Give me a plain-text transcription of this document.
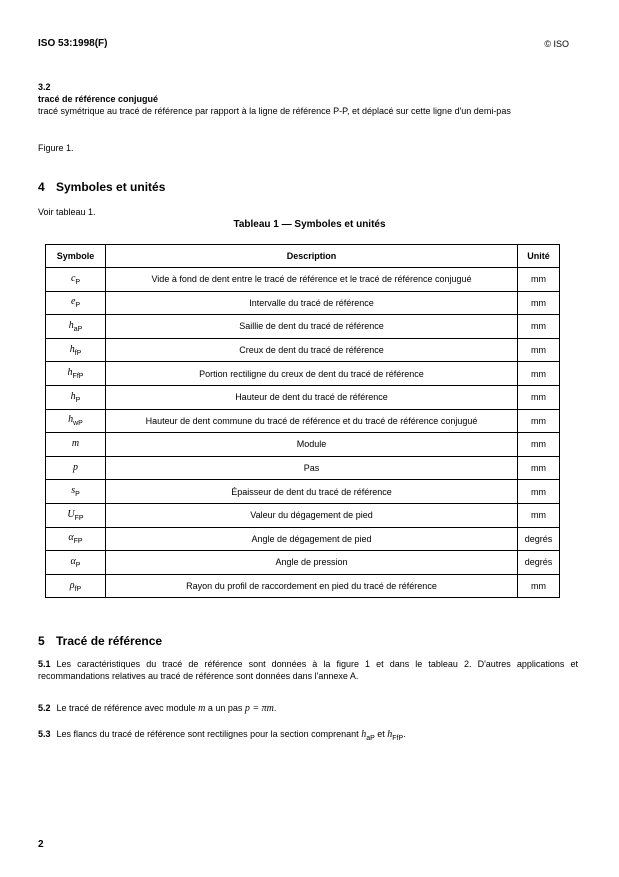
ISO 53:1998(F)	© ISO
3.2
tracé de référence conjugué
tracé symétrique au tracé de référence par rapport à la ligne de référence P-P, et déplacé sur cette ligne d'un demi-pas
Figure 1.
4 Symboles et unités
Voir tableau 1.
Tableau 1 — Symboles et unités
Symbole	Description	Unité
$c_P$	Vide à fond de dent entre le tracé de référence et le tracé de référence conjugué	mm
$e_P$	Intervalle du tracé de référence	mm
$h_{aP}$	Saillie de dent du tracé de référence	mm
$h_{fP}$	Creux de dent du tracé de référence	mm
$h_{FfP}$	Portion rectiligne du creux de dent du tracé de référence	mm
$h_P$	Hauteur de dent du tracé de référence	mm
$h_{wP}$	Hauteur de dent commune du tracé de référence et du tracé de référence conjugué	mm
m	Module	mm
p	Pas	mm
$s_P$	Épaisseur de dent du tracé de référence	mm
$U_{FP}$	Valeur du dégagement de pied	mm
$\alpha_{FP}$	Angle de dégagement de pied	degrés
$\alpha_P$	Angle de pression	degrés
$\rho_{fP}$	Rayon du profil de raccordement en pied du tracé de référence	mm
5 Tracé de référence
5.1 Les caractéristiques du tracé de référence sont données à la figure 1 et dans le tableau 2. D'autres applications et recommandations relatives au tracé de référence sont données dans l'annexe A.
5.2 Le tracé de référence avec module m a un pas p = πm.
5.3 Les flancs du tracé de référence sont rectilignes pour la section comprenant $h_{aP}$ et $h_{FfP}$.
2
